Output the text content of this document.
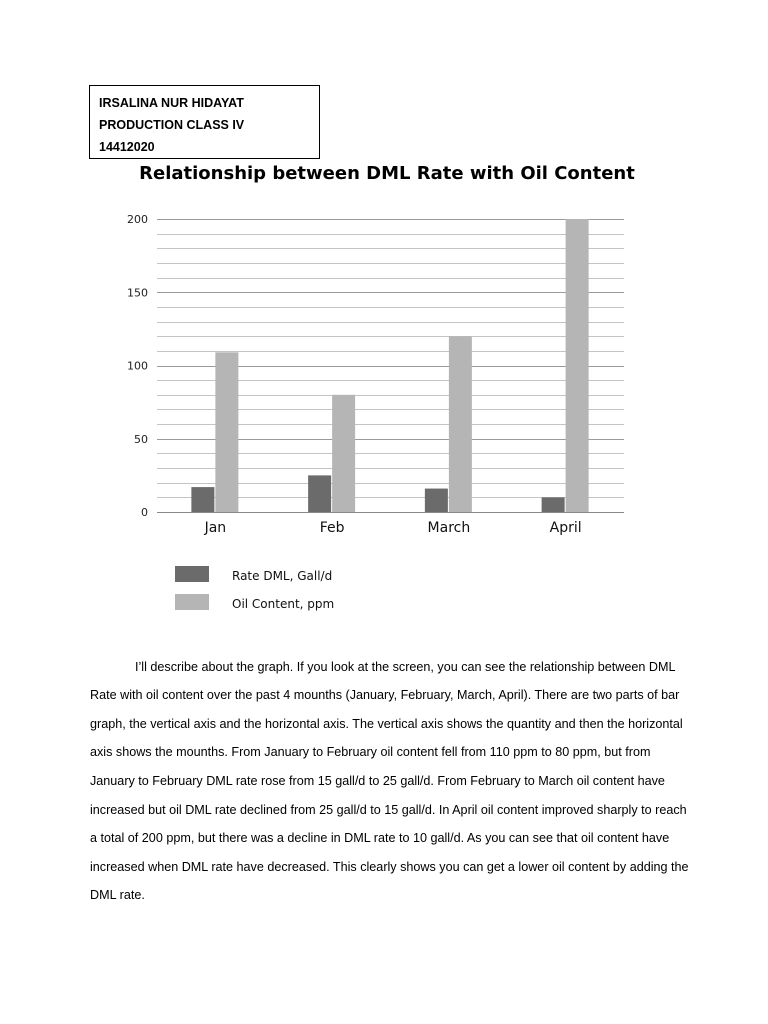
IRSALINA NUR HIDAYAT
PRODUCTION CLASS IV
14412020
Relationship between DML Rate with Oil Content
0
50
100
150
200
Jan	Feb	March	April
Rate DML, Gall/d
Oil Content, ppm

I’ll describe about the graph. If you look at the screen, you can see the relationship between DML Rate with oil content over the past 4 mounths (January, February, March, April). There are two parts of bar graph, the vertical axis and the horizontal axis. The vertical axis shows the quantity and then the horizontal axis shows the mounths. From January to February oil content fell from 110 ppm to 80 ppm, but from January to February DML rate rose from 15 gall/d to 25 gall/d. From February to March oil content have increased but oil DML rate declined from 25 gall/d to 15 gall/d. In April oil content improved sharply to reach a total of 200 ppm, but there was a decline in DML rate to 10 gall/d. As you can see that oil content have increased when DML rate have decreased. This clearly shows you can get a lower oil content by adding the DML rate.
